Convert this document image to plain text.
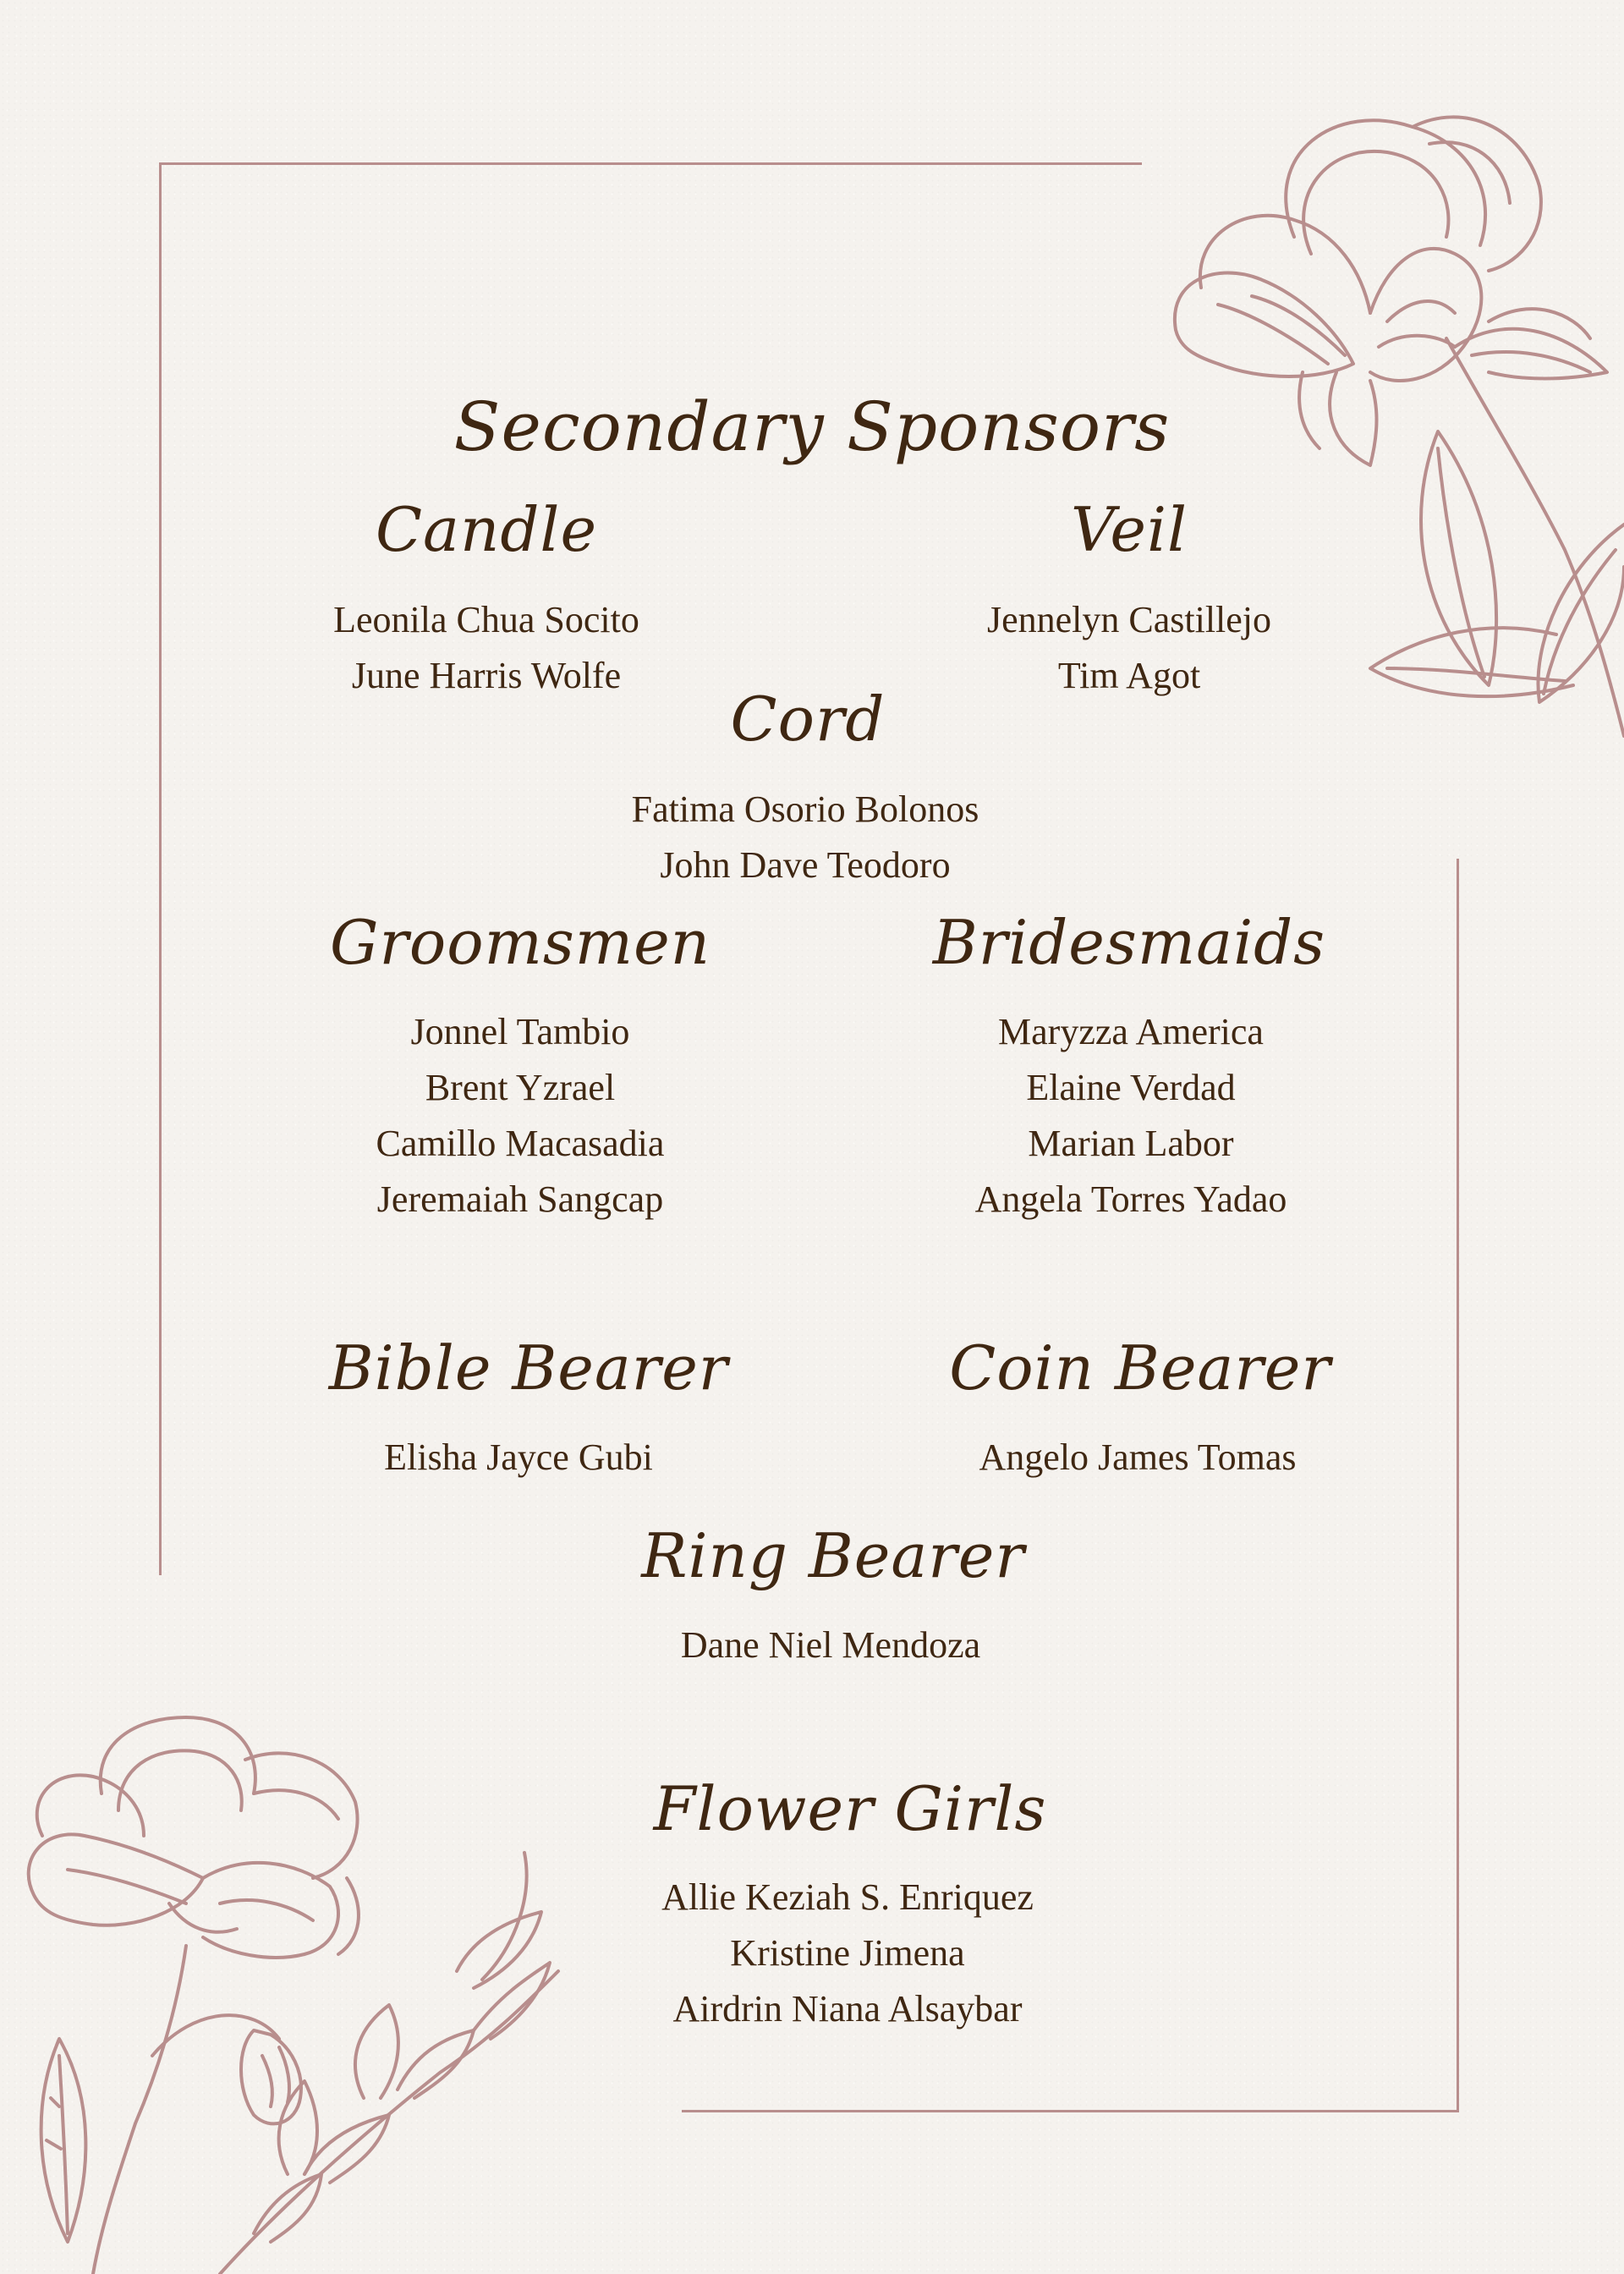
Secondary Sponsors
Candle
Leonila Chua Socito
June Harris Wolfe
Veil
Jennelyn Castillejo
Tim Agot
Cord
Fatima Osorio Bolonos
John Dave Teodoro
Groomsmen
Jonnel Tambio
Brent Yzrael
Camillo Macasadia
Jeremaiah Sangcap
Bridesmaids
Maryzza America
Elaine Verdad
Marian Labor
Angela Torres Yadao
Bible Bearer
Elisha Jayce Gubi
Coin Bearer
Angelo James Tomas
Ring Bearer
Dane Niel Mendoza
Flower Girls
Allie Keziah S. Enriquez
Kristine Jimena
Airdrin Niana Alsaybar
